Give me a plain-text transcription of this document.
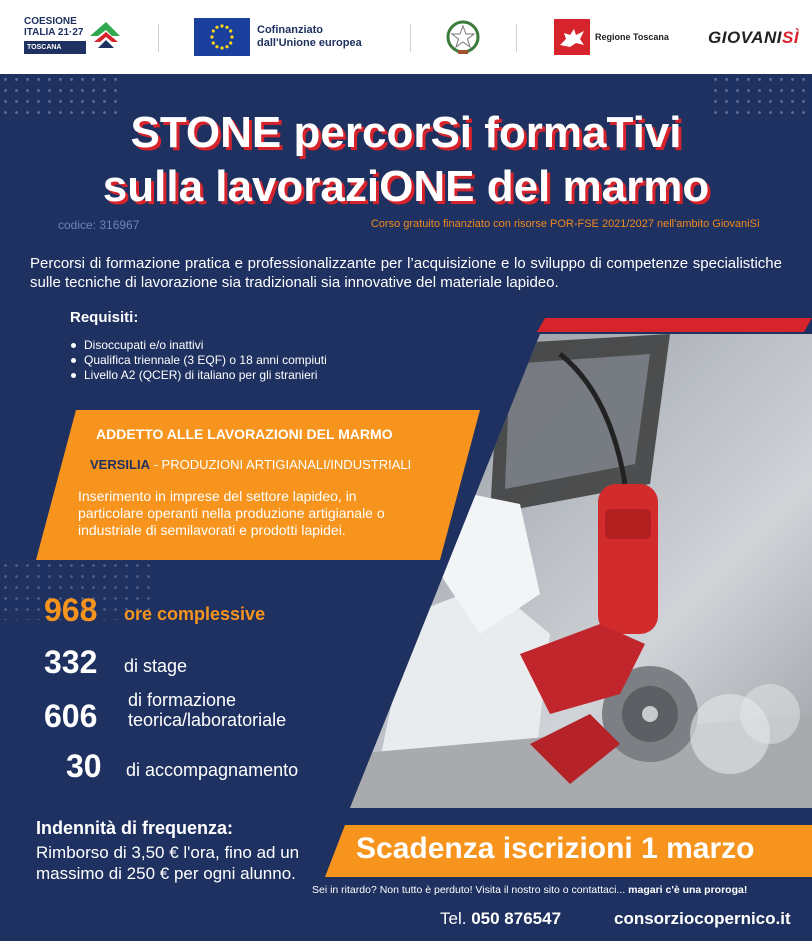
COESIONE
ITALIA 21·27
TOSCANA
Cofinanziato
dall'Unione europea	Regione Toscana GIOVANISÌ
STONE percorSi formaTivi
sulla lavoraziONE del marmo
codice: 316967	Corso gratuito finanziato con risorse POR-FSE 2021/2027 nell'ambito GiovaniSì
Percorsi di formazione pratica e professionalizzante per l’acquisizione e lo sviluppo di competenze specialistiche sulle tecniche di lavorazione sia tradizionali sia innovative del materiale lapideo.
Requisiti:
Disoccupati e/o inattivi
Qualifica triennale (3 EQF) o 18 anni compiuti
Livello A2 (QCER) di italiano per gli stranieri
ADDETTO ALLE LAVORAZIONI DEL MARMO
VERSILIA - PRODUZIONI ARTIGIANALI/INDUSTRIALI
Inserimento in imprese del settore lapideo, in particolare operanti nella produzione artigianale o industriale di semilavorati e prodotti lapidei.
968 ore complessive
332 di stage
606 di formazione
teorica/laboratoriale
30 di accompagnamento
Indennità di frequenza:
Rimborso di 3,50 € l'ora, fino ad un massimo di 250 € per ogni alunno.
Scadenza iscrizioni 1 marzo
Sei in ritardo? Non tutto è perduto! Visita il nostro sito o contattaci... magari c'è una proroga!
Tel. 050 876547	consorziocopernico.it
